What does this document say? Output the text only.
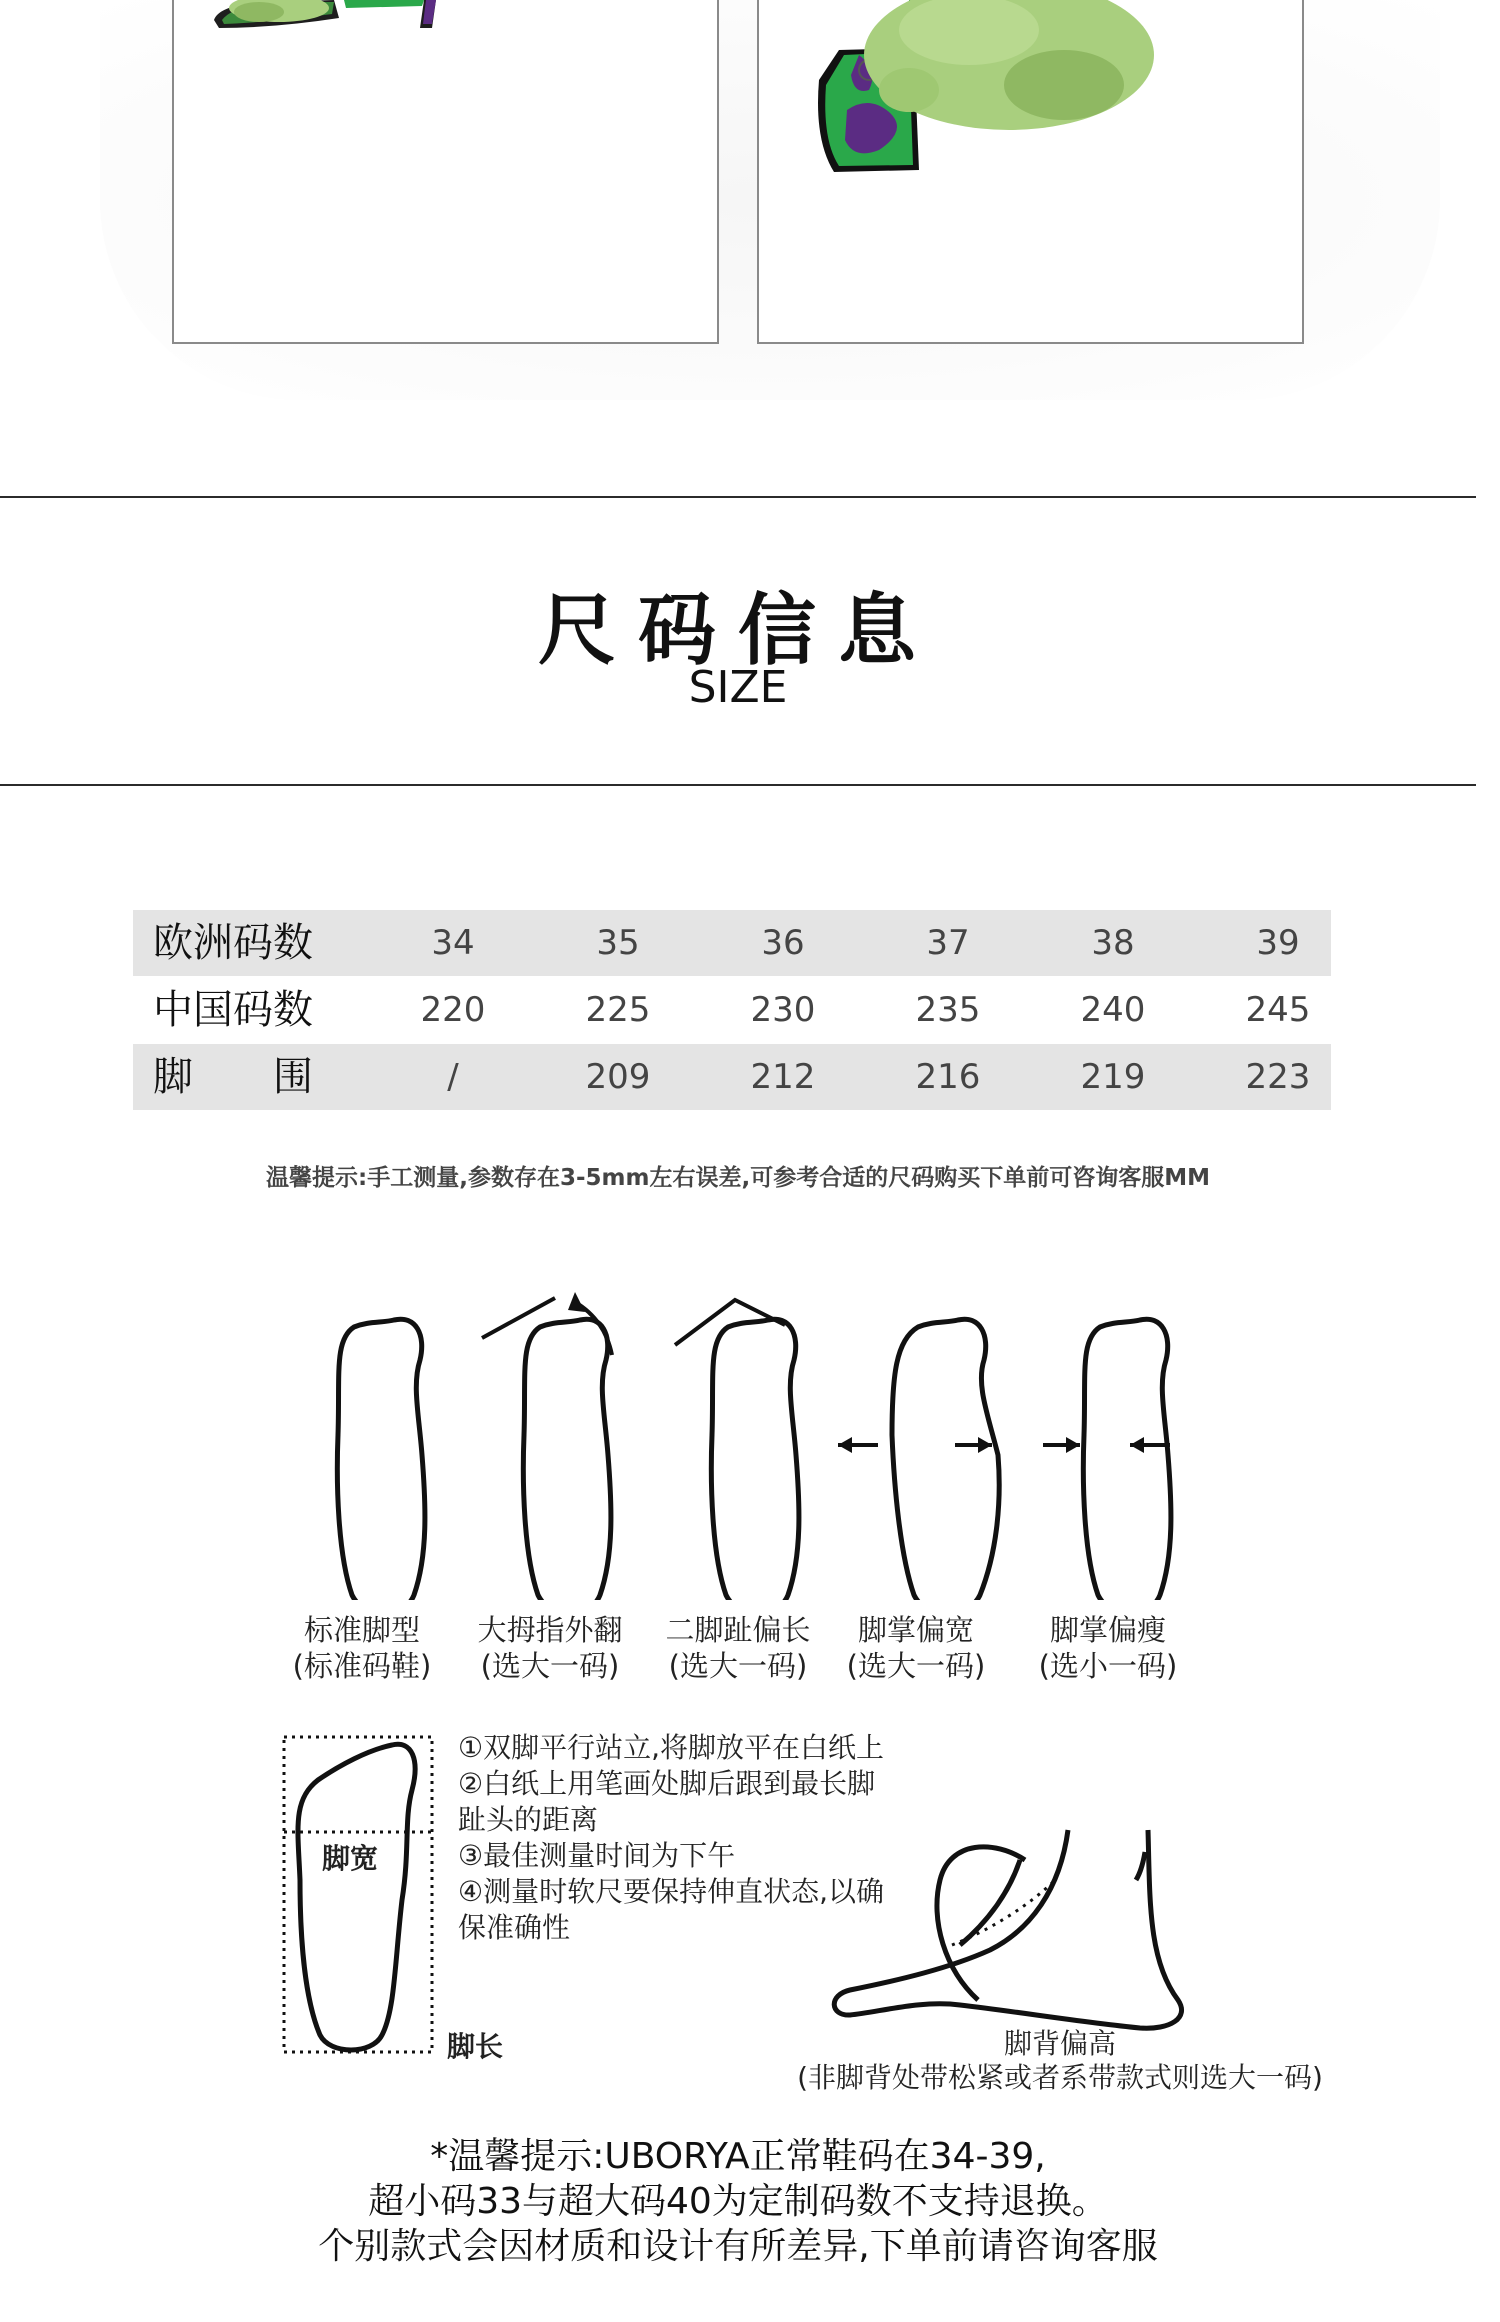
尺码信息
SIZE
欧洲码数	34	35	36	37	38	39
中国码数	220	225	230	235	240	245
脚围	/	209	212	216	219	223
温馨提示:手工测量,参数存在3-5mm左右误差,可参考合适的尺码购买下单前可咨询客服MM
标准脚型
(标准码鞋)
大拇指外翻
(选大一码)
二脚趾偏长
(选大一码)
脚掌偏宽
(选大一码)
脚掌偏瘦
(选小一码)
脚宽
脚长
①双脚平行站立,将脚放平在白纸上
②白纸上用笔画处脚后跟到最长脚
趾头的距离
③最佳测量时间为下午
④测量时软尺要保持伸直状态,以确
保准确性
脚背偏高
(非脚背处带松紧或者系带款式则选大一码)
*温馨提示:UBORYA正常鞋码在34-39,
超小码33与超大码40为定制码数不支持退换。
个别款式会因材质和设计有所差异,下单前请咨询客服
